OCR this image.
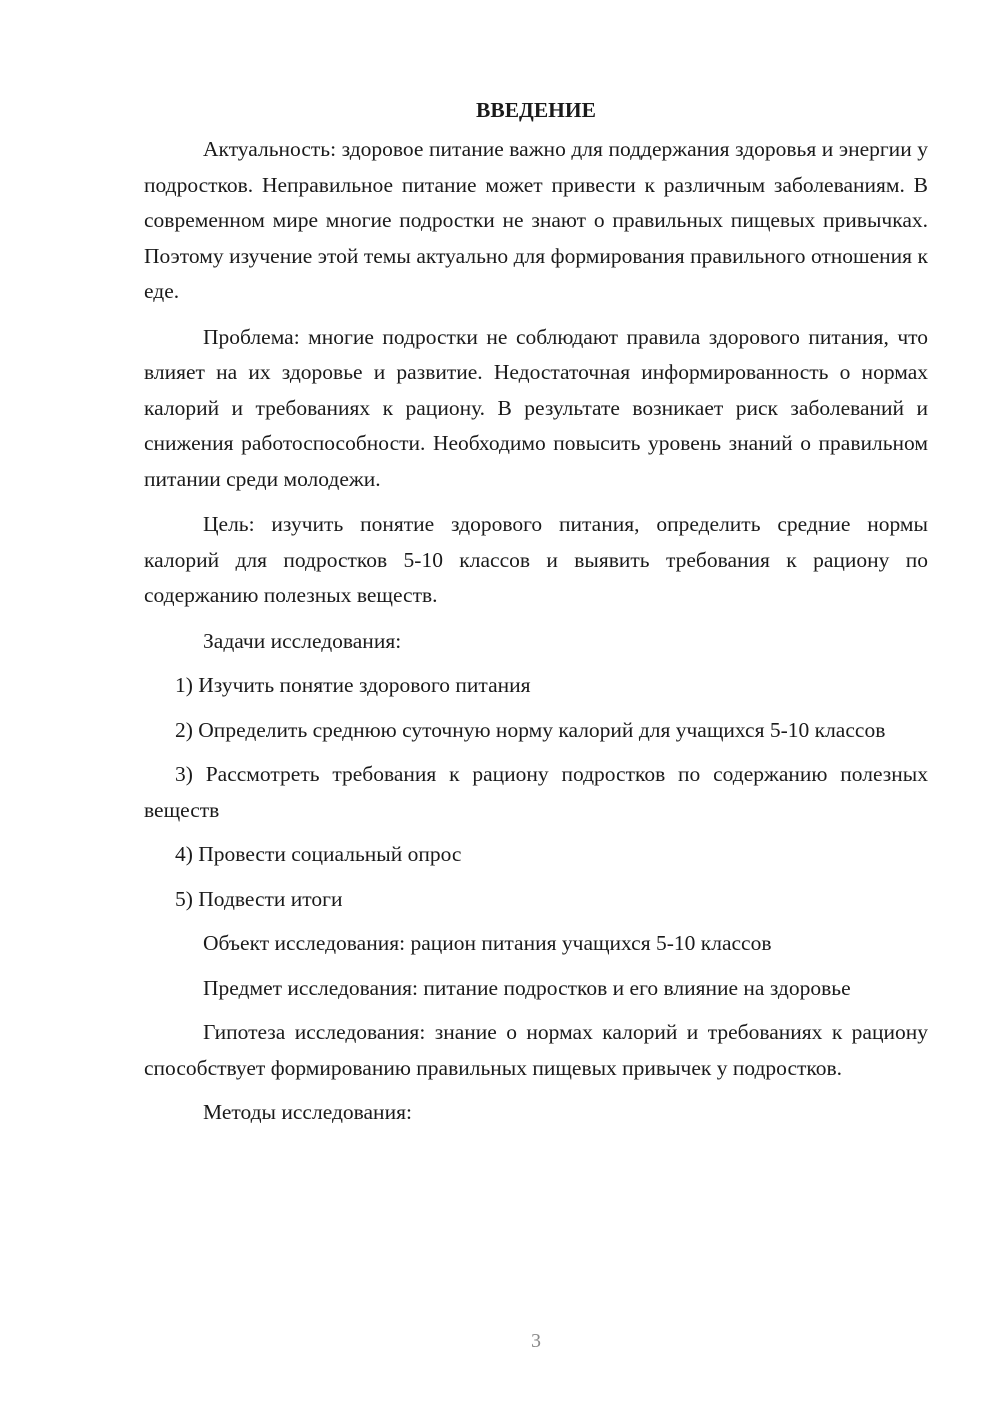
ВВЕДЕНИЕ

Актуальность: здоровое питание важно для поддержания здоровья и энергии у подростков. Неправильное питание может привести к различным заболеваниям. В современном мире многие подростки не знают о правильных пищевых привычках. Поэтому изучение этой темы актуально для формирования правильного отношения к еде.

Проблема: многие подростки не соблюдают правила здорового питания, что влияет на их здоровье и развитие. Недостаточная информированность о нормах калорий и требованиях к рациону. В результате возникает риск заболеваний и снижения работоспособности. Необходимо повысить уровень знаний о правильном питании среди молодежи.

Цель: изучить понятие здорового питания, определить средние нормы калорий для подростков 5-10 классов и выявить требования к рациону по содержанию полезных веществ.

Задачи исследования:

1) Изучить понятие здорового питания

2) Определить среднюю суточную норму калорий для учащихся 5-10 классов

3) Рассмотреть требования к рациону подростков по содержанию полезных веществ

4) Провести социальный опрос

5) Подвести итоги

Объект исследования: рацион питания учащихся 5-10 классов

Предмет исследования: питание подростков и его влияние на здоровье

Гипотеза исследования: знание о нормах калорий и требованиях к рациону способствует формированию правильных пищевых привычек у подростков.

Методы исследования:

3
